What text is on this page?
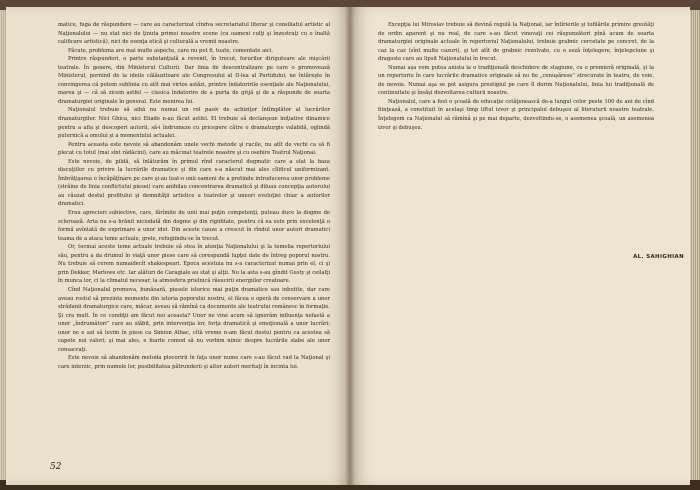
matice, fuga de răspundere — care au caracterizat cîndva secretariatul literar şi consiliatul artistic al Naţionalului — nu stat nici de ţinuta primei noastre scene (cu oameni culţi şi înzestraţi cu o înaltă calificare artistică), nici de esenţa etică şi culturală a vremii noastre.

Făcute, problema are mai multe aspecte, care nu pot fi, toate, comentate aici.

Printre răspunderi, o parte substanţială a revenit, în trecut, forurilor dirigutoare ale mişcării teatrale. În genere, din Ministerul Culturii. Dar linia de descentralizare pe care o promovează Ministerul, pornind de la ideile călăuzitoare ale Congresului al II-lea al Partidului, ne întăreşte în convingerea că putem sublinia cu atît mai virtos astăzi, printre îndatoririle esenţiale ale Naţionalului, marea şi — că să zicem astfel — clasica îndatorire de a purta de grijă şi de a răspunde de soarta dramaturgiei originale în general. Este menirea lui.

Naţionalul trebuie să aibă nu numai un rol pasiv de achiziţor întîmplător al lucrărilor dramaturgilor. Nici Ghica, nici Eliade n-au făcut astfel. El trebuie să declanşeze iniţiative dinamice pentru a afla şi descoperi autorii, să-i îndrumeze cu pricepere către o dramaturgie valabilă, oglindă puternică a omului şi a momentului actualei.

Pentru aceasta este nevoie să abandonăm unele vechi metode şi rucile, nu atît de vechi ca să fi plecat cu totul (mai sînt rădăcini), care au măcinat teatrele noastre şi cu osebire Teatrul Naţional.

Este nevoie, de pildă, să înlăturăm în primul rînd caracterul dogmatic care a stat la baza discuţiilor cu privire la lucrările dramatice şi din care s-a născut mai ales cîlificul uniformizant. Îmbrăţişarea o încăpăţînare pe care şi-au luat-o unii oameni de a pretinde introducerea unor probleme (străine de linia conflictului piesei) care anihilau concentrarea dramatică şi diluau concepţia autorului au căuzat destul profitului şi demnităţii artistice a teatrelor şi uneori evoluţiei chiar a autorilor dramatici.

Erau aprecieri subiective, care, fărîmite de unii mai puţin competenţi, puteau duce la dogme de scleroază. Arta nu s-a hrănit niciodată din dogme şi din rigiditate, pentru că ea este prin excelenţă o formă avîntată de exprimare a unor idei. Din aceste cauze a crescut în rîndul unor autori dramatici teama de a ataca teme actuale, grele, refugiindu-se în trecut.

Or, tocmai aceste teme actuale trebuie să stea în atenţia Naţionalului şi la temelia repertoriului său, pentru a da drumul în viaţă unor piese care să corespundă lupţei date de întreg poporul nostru. Nu trebuie să cerem numaidecît shakespeari. Epoca acestuia nu s-a caracterizat numai prin el, ci şi prin Dekker, Marlowe etc. Iar alături de Caragiale au stat şi alţii. Nu la asta s-au gîndit Gusty şi ceilalţi în munca lor, ci la climatul necesar, la atmosfera prielnică răsucirii energiilor creatoare.

Cînd Naţionalul promova, bunăoară, piesele istorice mai puţin dramatice sau inbutite, dar care aveau rostul să prezinte momente din istoria poporului nostru, el făcea o operă de conservare a unor strădanii dramaturgice care, măcar, aveau să rămînă ca documente ale teatrului românesc în formaţie. Şi cra mult. În ce condiţii am făcut noi aceasta? Unor ne vine acum să ignorăm influenţa nefastă a unor „îndrumători” care au slăbit, prin intervenţia lor, forţa dramatică şi emoţională a unor lucrări; unor ne e azi să luvim în piese ca Simion Albac, cîtă vreme n-am făcut destul pentru ca acestea să capete noi valori; şi mai ales, e foarte comod să nu vorbim nimic despre lucrările slabe ale unor consacraţi.

Este nevoie să abandonăm metoda plocoririi în faţa unor nume care s-au făcut vad la Naţional şi care interzic, prin numele lor, posibilitatea pătrunderii şi altor autori meritaţi în incinta lui.

52

Excepţia lui Miroslav trebuie să devină regulă la Naţional, iar întîrierile şi tofilările primire greutăţi de ordin aparent şi nu real, de care s-au făcut vinovaţi cei răspunzători pînă acum de soarta dramaturgiei originale actuale în repertoriul Naţionalului, trebuie grabnic cercetate pe concret, de la caz la caz (sînt multe cazuri), şi tot atît de grabnic rezolvate, cu o seză înţelegere, înţelepciune şi dragoste care au lipsit Naţionalului în trecut.

Numai aşa vom putea anista la o tradiţională deschidere de stagiune, cu o premieră originală, şi la un repertoriu în care lucrările dramatice originale să nu fie „cenuşărese” strecurate în teatru, de voie, de nevoie. Numai aşa se pot asigura prestigiul pe care îl dorim Naţionalului, linia lui tradiţională de continuitate şi însăşi dezvoltarea culturii noastre.

Naţionalul, care a fost o şcoală de educaţie cetăţenească de-a lungul celor peste 100 de ani de cînd fiinţează, a constituit în acelaşi timp liftul izvor şi principalul debuşeu al literaturii noastre teatrale. Înţelegem ca Naţionalul să rămînă şi pe mai departe, dezvoltindu-se, o asemenea şcoală, un asemenea izvor şi debuşeu.

AL. SAHIGHIAN
